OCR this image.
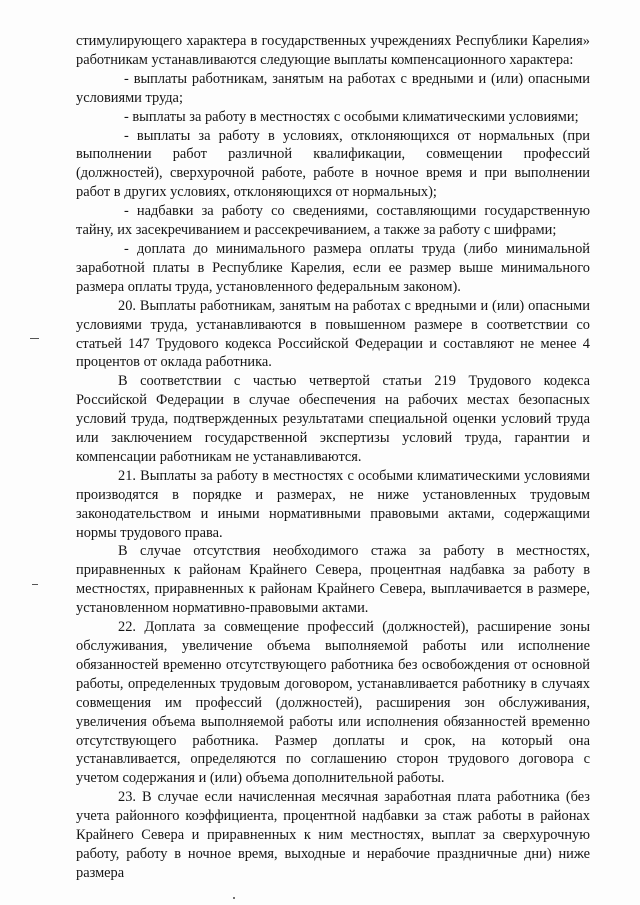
стимулирующего характера в государственных учреждениях Республики Карелия» работникам устанавливаются следующие выплаты компенсационного характера:

- выплаты работникам, занятым на работах с вредными и (или) опасными условиями труда;

- выплаты за работу в местностях с особыми климатическими условиями;

- выплаты за работу в условиях, отклоняющихся от нормальных (при выполнении работ различной квалификации, совмещении профессий (должностей), сверхурочной работе, работе в ночное время и при выполнении работ в других условиях, отклоняющихся от нормальных);

- надбавки за работу со сведениями, составляющими государственную тайну, их засекречиванием и рассекречиванием, а также за работу с шифрами;

- доплата до минимального размера оплаты труда (либо минимальной заработной платы в Республике Карелия, если ее размер выше минимального размера оплаты труда, установленного федеральным законом).

20. Выплаты работникам, занятым на работах с вредными и (или) опасными условиями труда, устанавливаются в повышенном размере в соответствии со статьей 147 Трудового кодекса Российской Федерации и составляют не менее 4 процентов от оклада работника.

В соответствии с частью четвертой статьи 219 Трудового кодекса Российской Федерации в случае обеспечения на рабочих местах безопасных условий труда, подтвержденных результатами специальной оценки условий труда или заключением государственной экспертизы условий труда, гарантии и компенсации работникам не устанавливаются.

21. Выплаты за работу в местностях с особыми климатическими условиями производятся в порядке и размерах, не ниже установленных трудовым законодательством и иными нормативными правовыми актами, содержащими нормы трудового права.

В случае отсутствия необходимого стажа за работу в местностях, приравненных к районам Крайнего Севера, процентная надбавка за работу в местностях, приравненных к районам Крайнего Севера, выплачивается в размере, установленном нормативно-правовыми актами.

22. Доплата за совмещение профессий (должностей), расширение зоны обслуживания, увеличение объема выполняемой работы или исполнение обязанностей временно отсутствующего работника без освобождения от основной работы, определенных трудовым договором, устанавливается работнику в случаях совмещения им профессий (должностей), расширения зон обслуживания, увеличения объема выполняемой работы или исполнения обязанностей временно отсутствующего работника. Размер доплаты и срок, на который она устанавливается, определяются по соглашению сторон трудового договора с учетом содержания и (или) объема дополнительной работы.

23. В случае если начисленная месячная заработная плата работника (без учета районного коэффициента, процентной надбавки за стаж работы в районах Крайнего Севера и приравненных к ним местностях, выплат за сверхурочную работу, работу в ночное время, выходные и нерабочие праздничные дни) ниже размера
